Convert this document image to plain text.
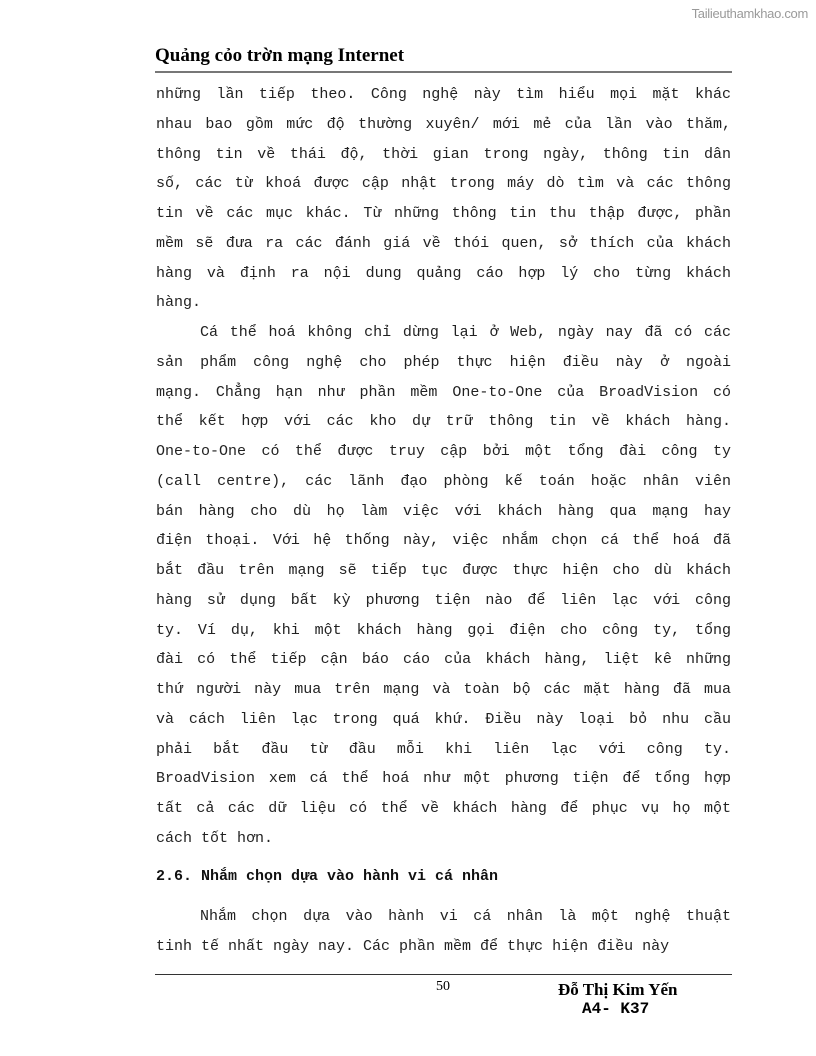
Tailieuthamkhao.com
Quảng cỏo trờn mạng Internet
những lần tiếp theo. Công nghệ này tìm hiểu mọi mặt khác
nhau bao gồm mức độ thường xuyên/ mới mẻ của lần vào thăm,
thông tin về thái độ, thời gian trong ngày, thông tin dân
số, các từ khoá được cập nhật trong máy dò tìm và các thông
tin về các mục khác. Từ những thông tin thu thập được, phần
mềm sẽ đưa ra các đánh giá về thói quen, sở thích của khách
hàng và định ra nội dung quảng cáo hợp lý cho từng khách
hàng.
Cá thể hoá không chỉ dừng lại ở Web, ngày nay đã có các
sản phẩm công nghệ cho phép thực hiện điều này ở ngoài
mạng. Chẳng hạn như phần mềm One-to-One của BroadVision có
thể kết hợp với các kho dự trữ thông tin về khách hàng.
One-to-One có thể được truy cập bởi một tổng đài công ty
(call centre), các lãnh đạo phòng kế toán hoặc nhân viên
bán hàng cho dù họ làm việc với khách hàng qua mạng hay
điện thoại. Với hệ thống này, việc nhắm chọn cá thể hoá đã
bắt đầu trên mạng sẽ tiếp tục được thực hiện cho dù khách
hàng sử dụng bất kỳ phương tiện nào để liên lạc với công
ty. Ví dụ, khi một khách hàng gọi điện cho công ty, tổng
đài có thể tiếp cận báo cáo của khách hàng, liệt kê những
thứ người này mua trên mạng và toàn bộ các mặt hàng đã mua
và cách liên lạc trong quá khứ. Điều này loại bỏ nhu cầu
phải bắt đầu từ đầu mỗi khi liên lạc với công ty.
BroadVision xem cá thể hoá như một phương tiện để tổng hợp
tất cả các dữ liệu có thể về khách hàng để phục vụ họ một
cách tốt hơn.
2.6. Nhắm chọn dựa vào hành vi cá nhân
Nhắm chọn dựa vào hành vi cá nhân là một nghệ thuật
tinh tế nhất ngày nay. Các phần mềm để thực hiện điều này
50	Đỗ Thị Kim Yến
A4- K37
